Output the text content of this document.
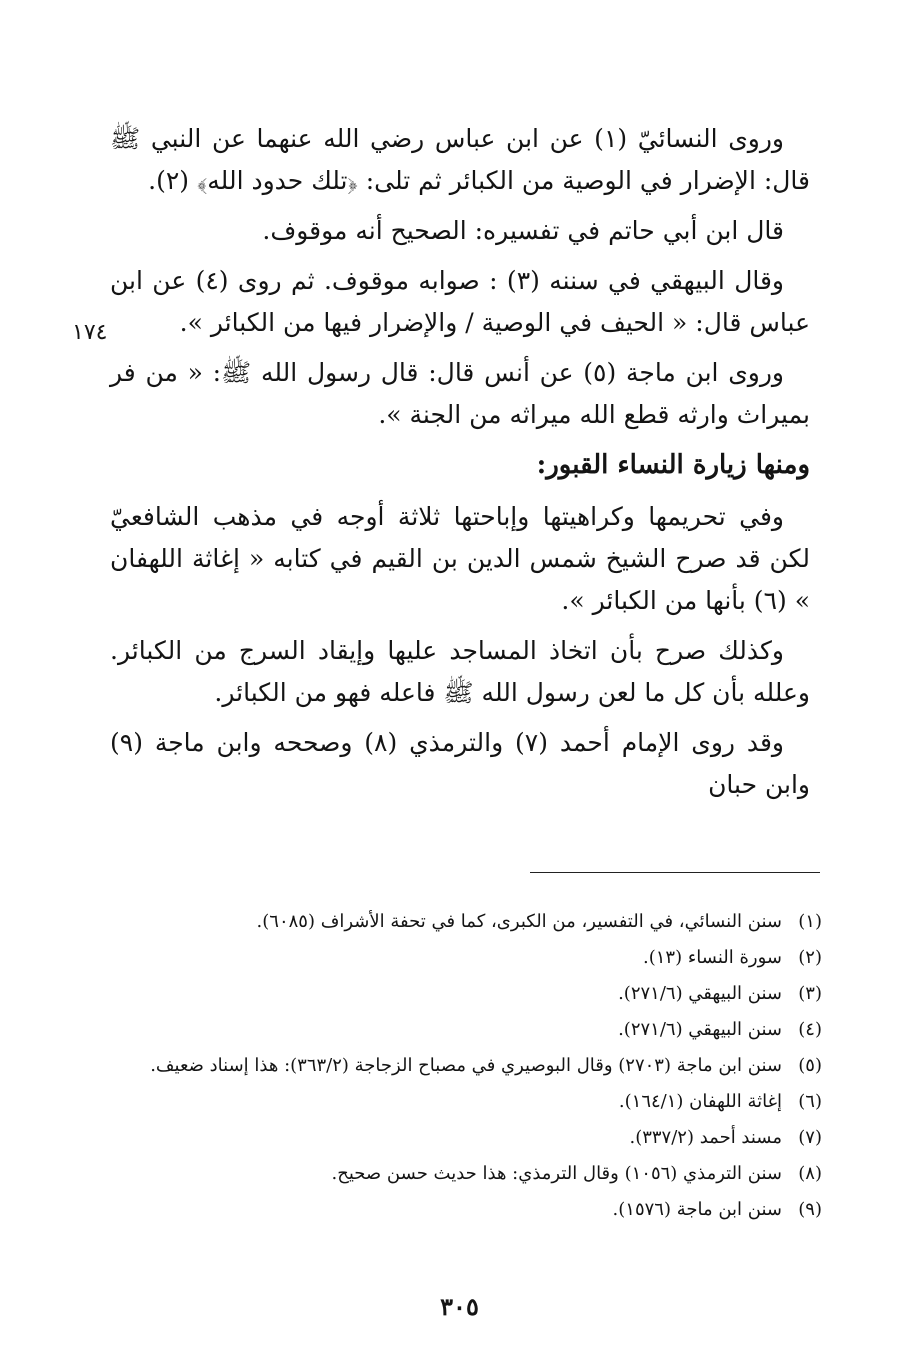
وروى النسائيّ (١) عن ابن عباس رضي الله عنهما عن النبي ﷺ قال: الإضرار في الوصية من الكبائر ثم تلى: ﴿تلك حدود الله﴾ (٢).

قال ابن أبي حاتم في تفسيره: الصحيح أنه موقوف.

وقال البيهقي في سننه (٣) : صوابه موقوف. ثم روى (٤) عن ابن عباس قال: « الحيف في الوصية / والإضرار فيها من الكبائر ».

وروى ابن ماجة (٥) عن أنس قال: قال رسول الله ﷺ: « من فر بميراث وارثه قطع الله ميراثه من الجنة ».

ومنها زيارة النساء القبور:

وفي تحريمها وكراهيتها وإباحتها ثلاثة أوجه في مذهب الشافعيّ لكن قد صرح الشيخ شمس الدين بن القيم في كتابه « إغاثة اللهفان » (٦) بأنها من الكبائر ».

وكذلك صرح بأن اتخاذ المساجد عليها وإيقاد السرج من الكبائر. وعلله بأن كل ما لعن رسول الله ﷺ فاعله فهو من الكبائر.

وقد روى الإمام أحمد (٧) والترمذي (٨) وصححه وابن ماجة (٩) وابن حبان

١٧٤
(١)
سنن النسائي، في التفسير، من الكبرى، كما في تحفة الأشراف (٦٠٨٥).
(٢)
سورة النساء (١٣).
(٣)
سنن البيهقي (٢٧١/٦).
(٤)
سنن البيهقي (٢٧١/٦).
(٥)
سنن ابن ماجة (٢٧٠٣) وقال البوصيري في مصباح الزجاجة (٣٦٣/٢): هذا إسناد ضعيف.
(٦)
إغاثة اللهفان (١٦٤/١).
(٧)
مسند أحمد (٣٣٧/٢).
(٨)
سنن الترمذي (١٠٥٦) وقال الترمذي: هذا حديث حسن صحيح.
(٩)
سنن ابن ماجة (١٥٧٦).
٣٠٥
